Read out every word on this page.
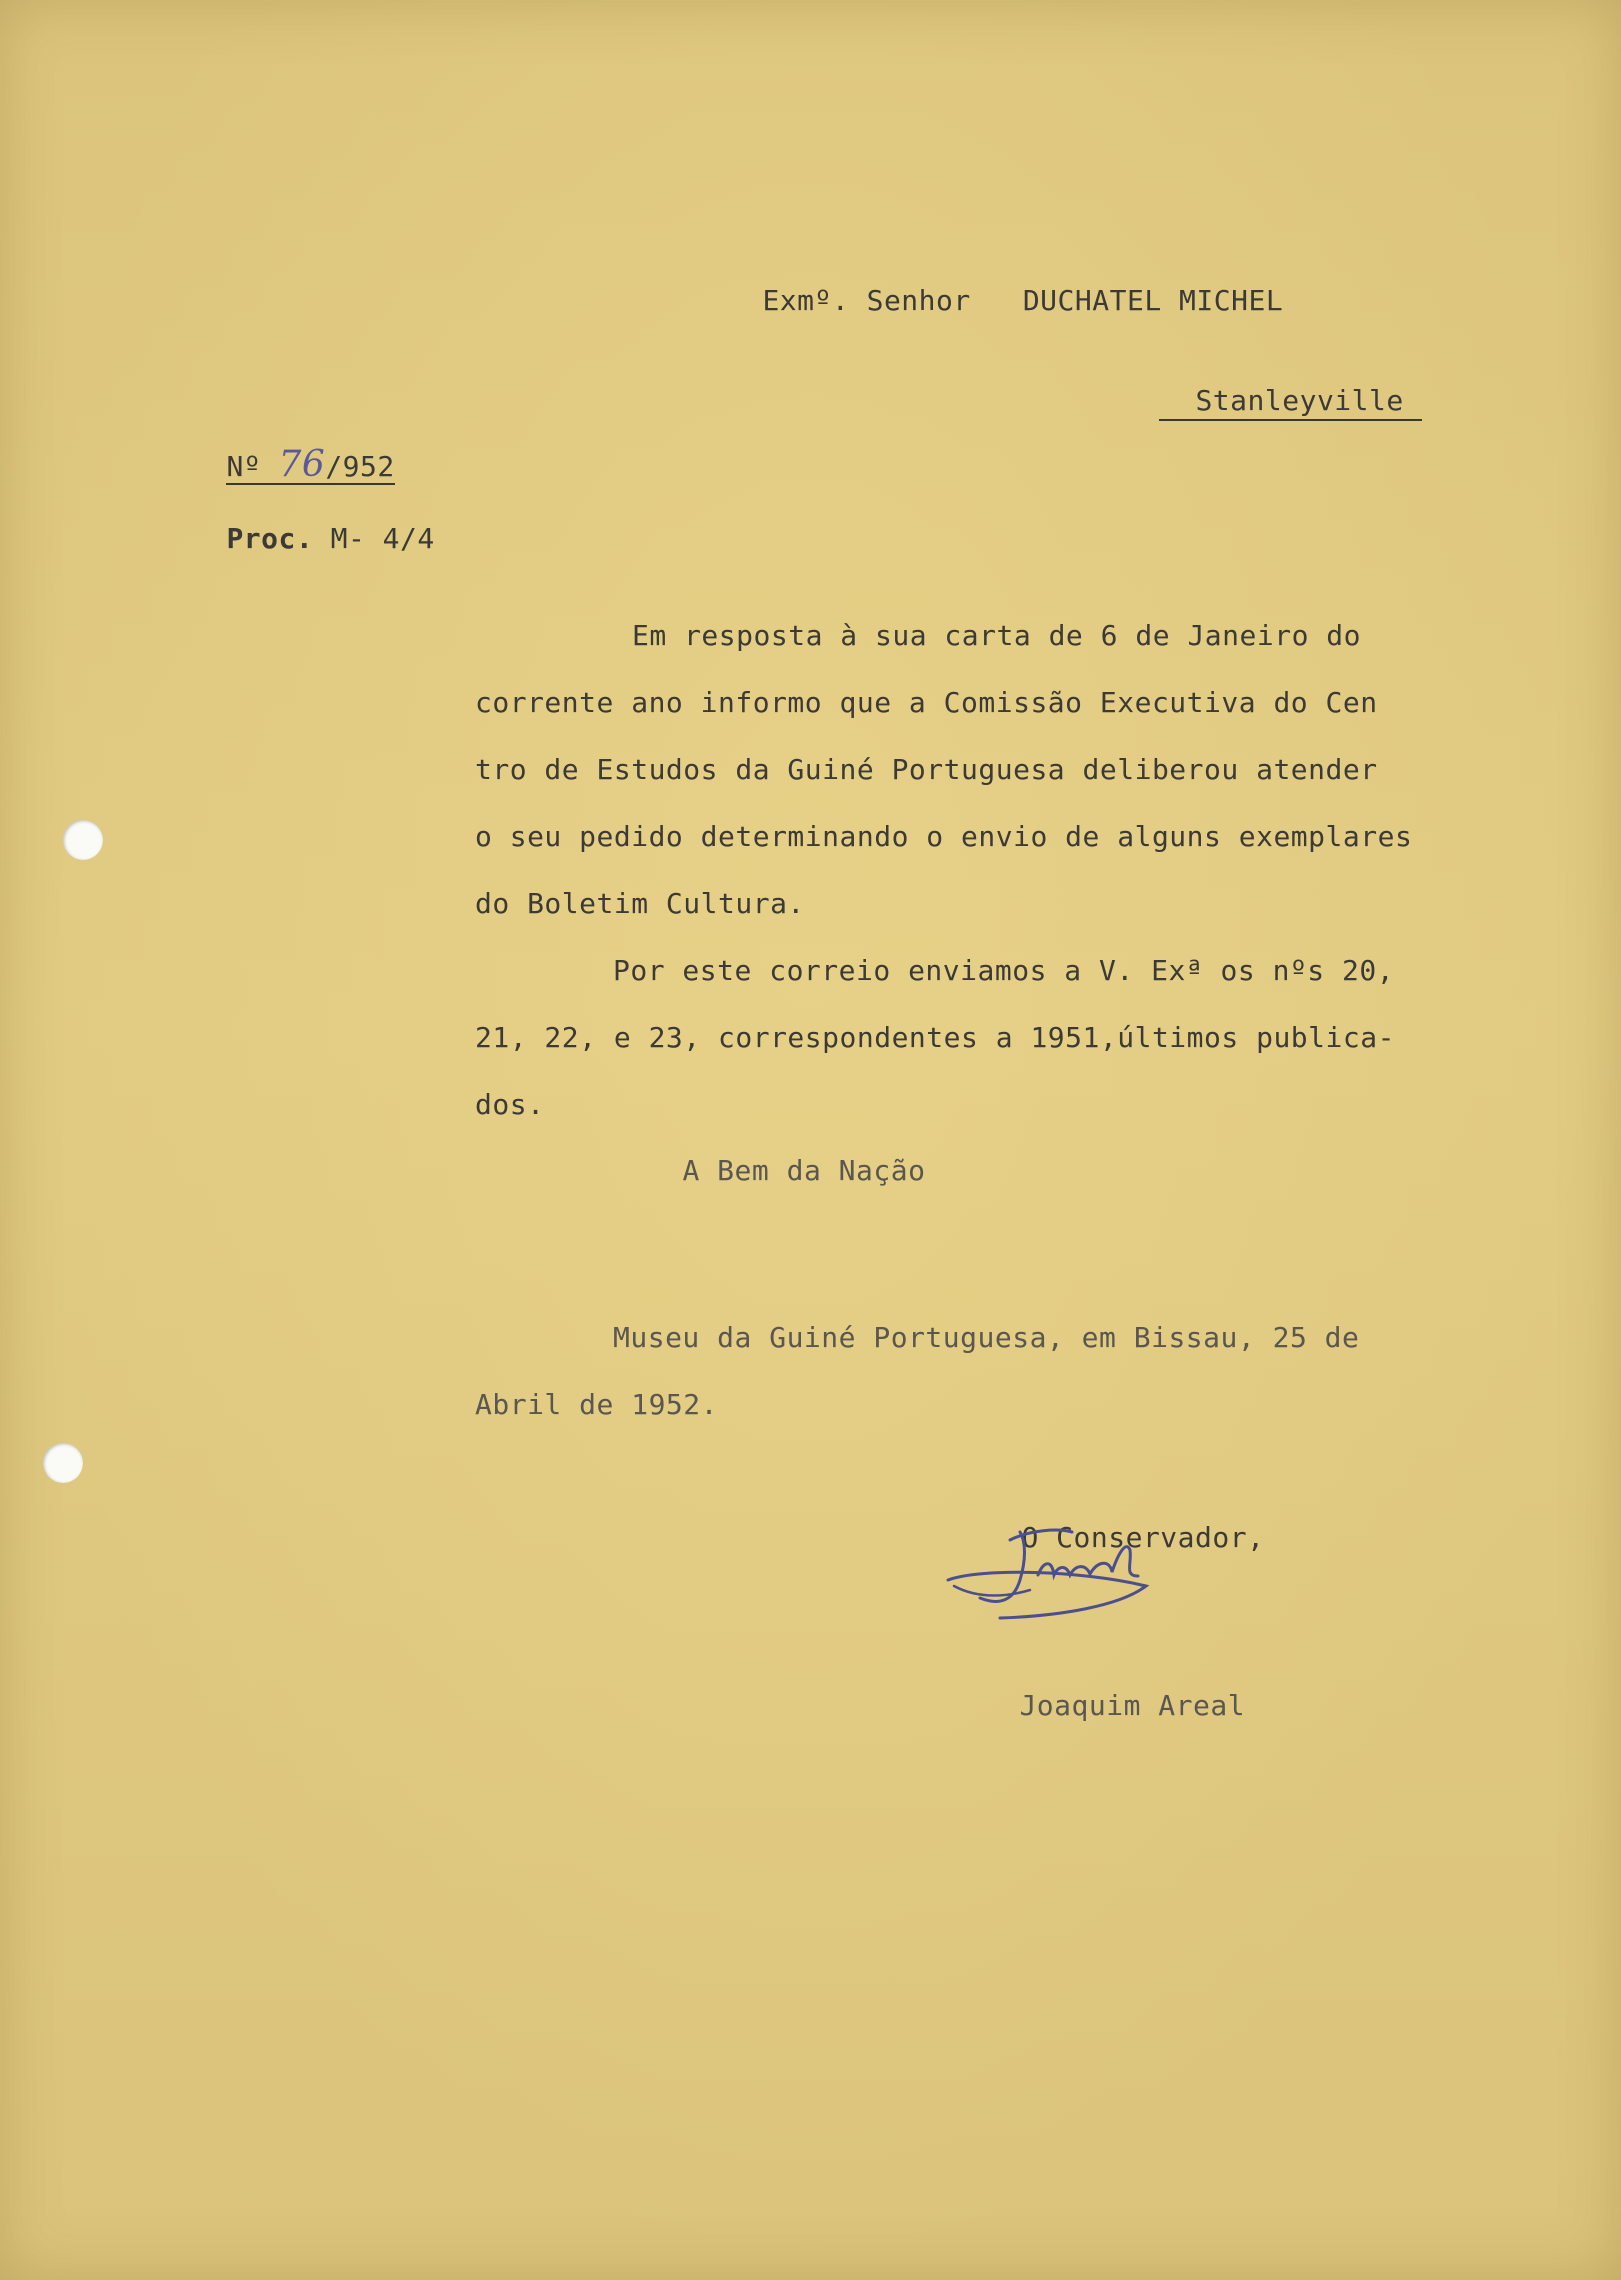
Exmº. Senhor DUCHATEL MICHEL

Stanleyville

Nº 76/952

Proc. M- 4/4

Em resposta à sua carta de 6 de Janeiro do
corrente ano informo que a Comissão Executiva do Cen
tro de Estudos da Guiné Portuguesa deliberou atender
o seu pedido determinando o envio de alguns exemplares
do Boletim Cultura.

Por este correio enviamos a V. Exª os nºs 20,
21, 22, e 23, correspondentes a 1951,últimos publica-
dos.

A Bem da Nação

Museu da Guiné Portuguesa, em Bissau, 25 de
Abril de 1952.

O Conservador,

Joaquim Areal
